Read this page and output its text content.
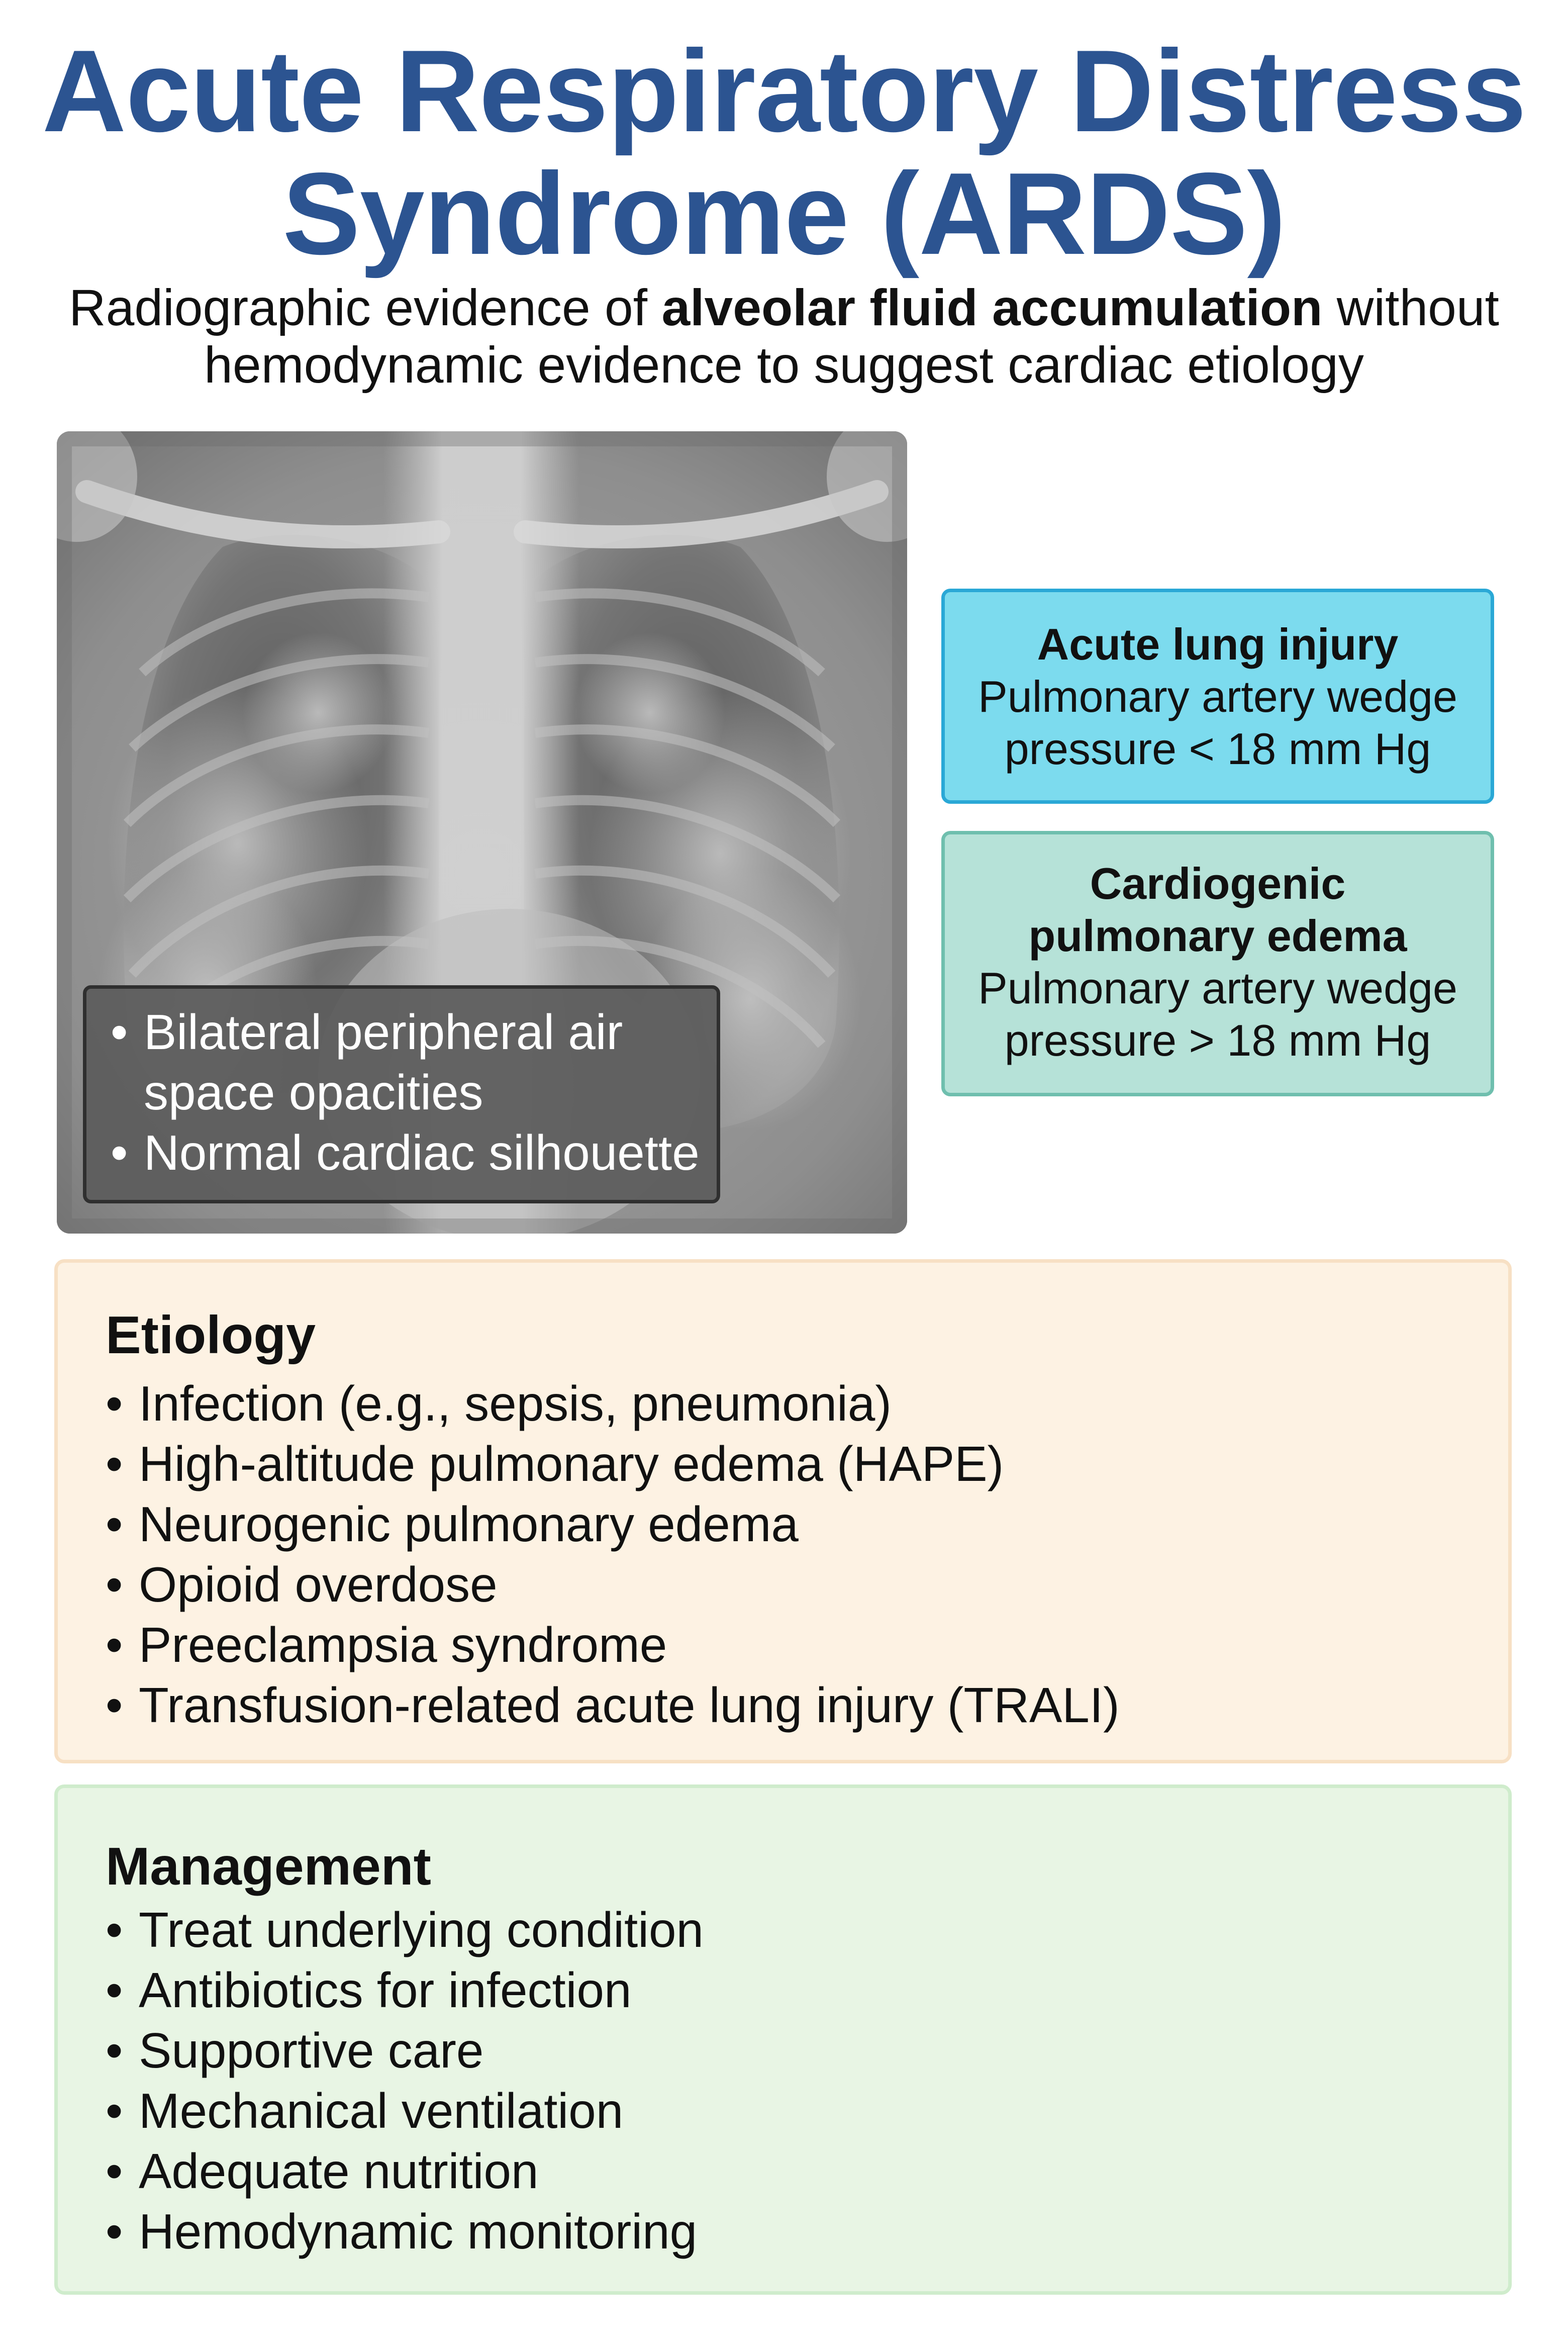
Acute Respiratory Distress
Syndrome (ARDS)
Radiographic evidence of alveolar fluid accumulation without
hemodynamic evidence to suggest cardiac etiology
• Bilateral peripheral air space opacities
• Normal cardiac silhouette
Acute lung injury
Pulmonary artery wedge pressure < 18 mm Hg
Cardiogenic pulmonary edema
Pulmonary artery wedge pressure > 18 mm Hg
Etiology
• Infection (e.g., sepsis, pneumonia)
• High-altitude pulmonary edema (HAPE)
• Neurogenic pulmonary edema
• Opioid overdose
• Preeclampsia syndrome
• Transfusion-related acute lung injury (TRALI)
Management
• Treat underlying condition
• Antibiotics for infection
• Supportive care
• Mechanical ventilation
• Adequate nutrition
• Hemodynamic monitoring
